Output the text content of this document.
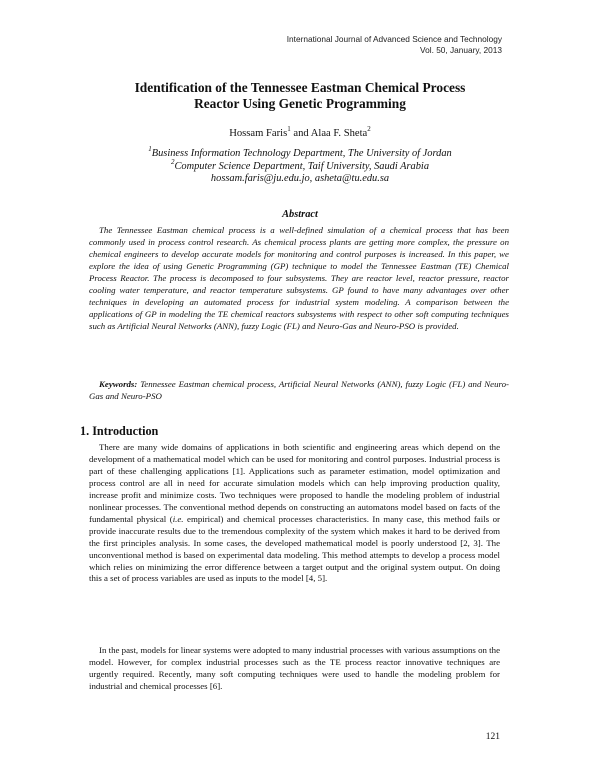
International Journal of Advanced Science and Technology
Vol. 50, January, 2013
Identification of the Tennessee Eastman Chemical Process
Reactor Using Genetic Programming
Hossam Faris$^1$ and Alaa F. Sheta$^2$
$^1$Business Information Technology Department, The University of Jordan
$^2$Computer Science Department, Taif University, Saudi Arabia
hossam.faris@ju.edu.jo, asheta@tu.edu.sa
Abstract
The Tennessee Eastman chemical process is a well-defined simulation of a chemical process that has been commonly used in process control research. As chemical process plants are getting more complex, the pressure on chemical engineers to develop accurate models for monitoring and control purposes is increased. In this paper, we explore the idea of using Genetic Programming (GP) technique to model the Tennessee Eastman (TE) Chemical Process Reactor. The process is decomposed to four subsystems. They are reactor level, reactor pressure, reactor cooling water temperature, and reactor temperature subsystems. GP found to have many advantages over other techniques in developing an automated process for industrial system modeling. A comparison between the applications of GP in modeling the TE chemical reactors subsystems with respect to other soft computing techniques such as Artificial Neural Networks (ANN), fuzzy Logic (FL) and Neuro-Gas and Neuro-PSO is provided.
Keywords: Tennessee Eastman chemical process, Artificial Neural Networks (ANN), fuzzy Logic (FL) and Neuro-Gas and Neuro-PSO
1. Introduction
There are many wide domains of applications in both scientific and engineering areas which depend on the development of a mathematical model which can be used for monitoring and control purposes. Industrial process is part of these challenging applications [1]. Applications such as parameter estimation, model optimization and process control are all in need for accurate simulation models which can help improving production quality, increase profit and minimize costs. Two techniques were proposed to handle the modeling problem of industrial nonlinear processes. The conventional method depends on constructing an automatons model based on facts of the fundamental physical (i.e. empirical) and chemical processes characteristics. In many case, this method fails or provide inaccurate results due to the tremendous complexity of the system which makes it hard to be derived from the first principles analysis. In some cases, the developed mathematical model is poorly understood [2, 3]. The unconventional method is based on experimental data modeling. This method attempts to develop a process model which relies on minimizing the error difference between a target output and the original system output. On doing this a set of process variables are used as inputs to the model [4, 5].
In the past, models for linear systems were adopted to many industrial processes with various assumptions on the model. However, for complex industrial processes such as the TE process reactor innovative techniques are urgently required. Recently, many soft computing techniques were used to handle the modeling problem for industrial and chemical processes [6].
121
